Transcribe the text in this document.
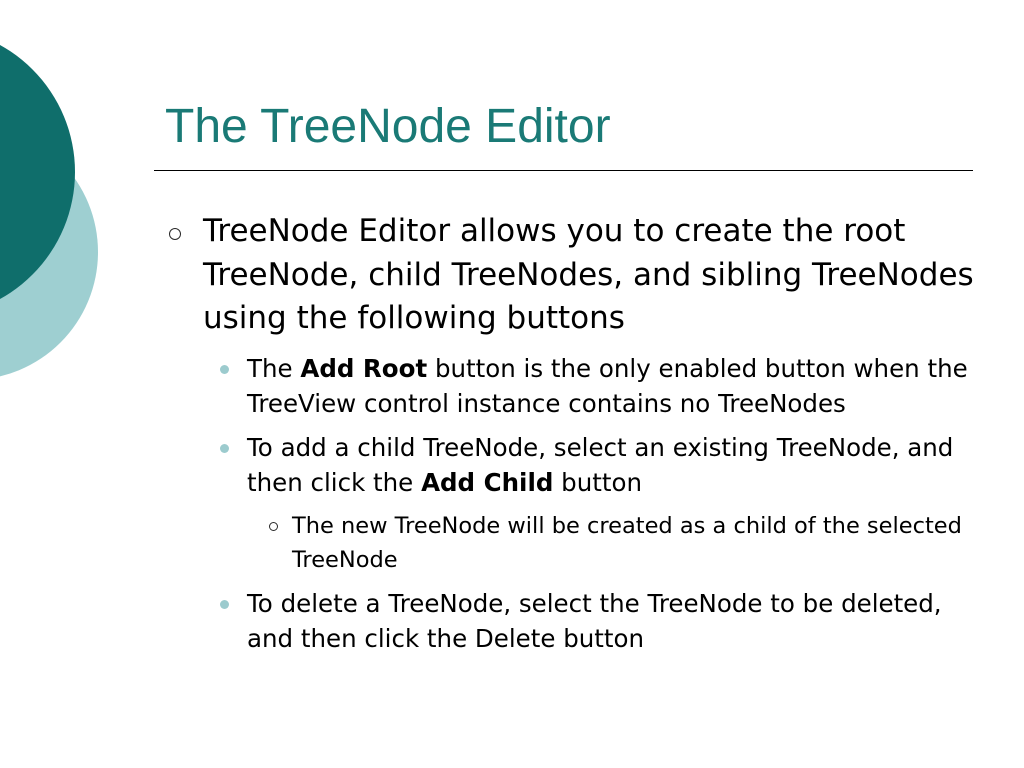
The TreeNode Editor
TreeNode Editor allows you to create the root TreeNode, child TreeNodes, and sibling TreeNodes using the following buttons
The Add Root button is the only enabled button when the TreeView control instance contains no TreeNodes
To add a child TreeNode, select an existing TreeNode, and then click the Add Child button
The new TreeNode will be created as a child of the selected TreeNode
To delete a TreeNode, select the TreeNode to be deleted, and then click the Delete button
